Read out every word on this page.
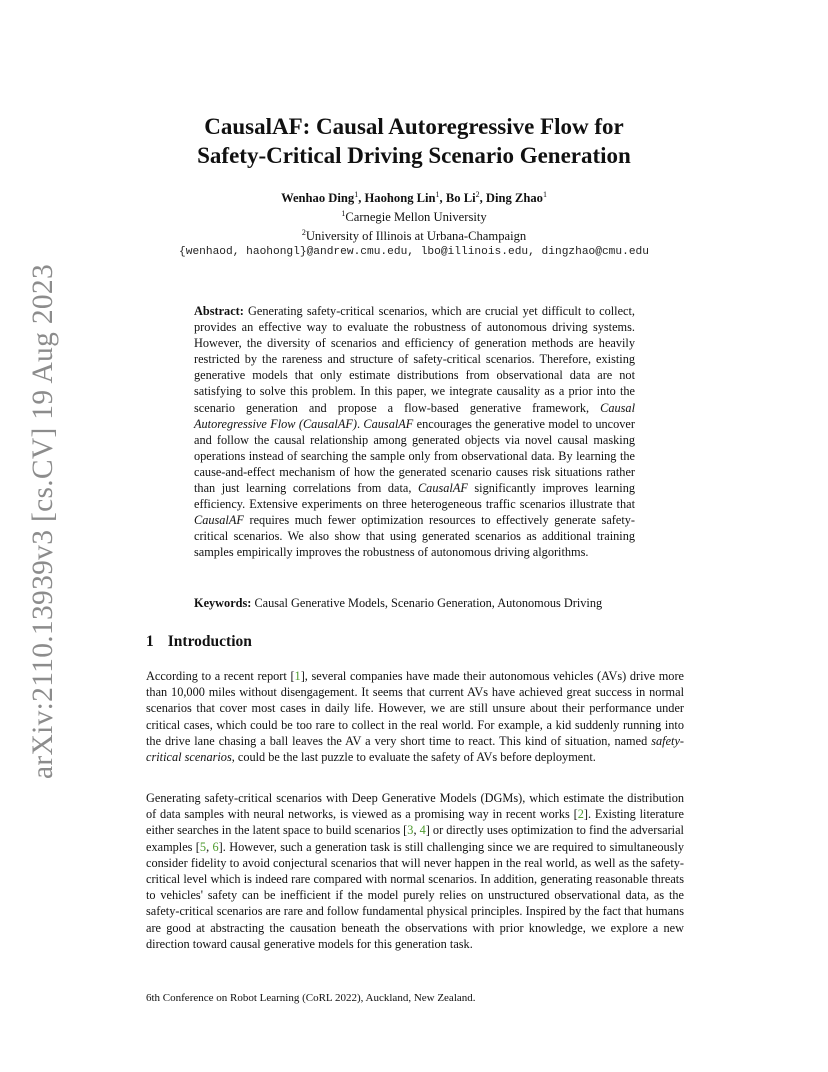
arXiv:2110.13939v3 [cs.CV] 19 Aug 2023
CausalAF: Causal Autoregressive Flow for
Safety-Critical Driving Scenario Generation
Wenhao Ding$^1$, Haohong Lin$^1$, Bo Li$^2$, Ding Zhao$^1$
$^1$Carnegie Mellon University
$^2$University of Illinois at Urbana-Champaign
{wenhaod, haohongl}@andrew.cmu.edu, lbo@illinois.edu, dingzhao@cmu.edu
Abstract: Generating safety-critical scenarios, which are crucial yet difficult to collect, provides an effective way to evaluate the robustness of autonomous driving systems. However, the diversity of scenarios and efficiency of generation methods are heavily restricted by the rareness and structure of safety-critical scenarios. Therefore, existing generative models that only estimate distributions from observational data are not satisfying to solve this problem. In this paper, we integrate causality as a prior into the scenario generation and propose a flow-based generative framework, Causal Autoregressive Flow (CausalAF). CausalAF encourages the generative model to uncover and follow the causal relationship among generated objects via novel causal masking operations instead of searching the sample only from observational data. By learning the cause-and-effect mechanism of how the generated scenario causes risk situations rather than just learning correlations from data, CausalAF significantly improves learning efficiency. Extensive experiments on three heterogeneous traffic scenarios illustrate that CausalAF requires much fewer optimization resources to effectively generate safety-critical scenarios. We also show that using generated scenarios as additional training samples empirically improves the robustness of autonomous driving algorithms.
Keywords: Causal Generative Models, Scenario Generation, Autonomous Driving
1 Introduction

According to a recent report [1], several companies have made their autonomous vehicles (AVs) drive more than 10,000 miles without disengagement. It seems that current AVs have achieved great success in normal scenarios that cover most cases in daily life. However, we are still unsure about their performance under critical cases, which could be too rare to collect in the real world. For example, a kid suddenly running into the drive lane chasing a ball leaves the AV a very short time to react. This kind of situation, named safety-critical scenarios, could be the last puzzle to evaluate the safety of AVs before deployment.

Generating safety-critical scenarios with Deep Generative Models (DGMs), which estimate the distribution of data samples with neural networks, is viewed as a promising way in recent works [2]. Existing literature either searches in the latent space to build scenarios [3, 4] or directly uses optimization to find the adversarial examples [5, 6]. However, such a generation task is still challenging since we are required to simultaneously consider fidelity to avoid conjectural scenarios that will never happen in the real world, as well as the safety-critical level which is indeed rare compared with normal scenarios. In addition, generating reasonable threats to vehicles' safety can be inefficient if the model purely relies on unstructured observational data, as the safety-critical scenarios are rare and follow fundamental physical principles. Inspired by the fact that humans are good at abstracting the causation beneath the observations with prior knowledge, we explore a new direction toward causal generative models for this generation task.

6th Conference on Robot Learning (CoRL 2022), Auckland, New Zealand.
